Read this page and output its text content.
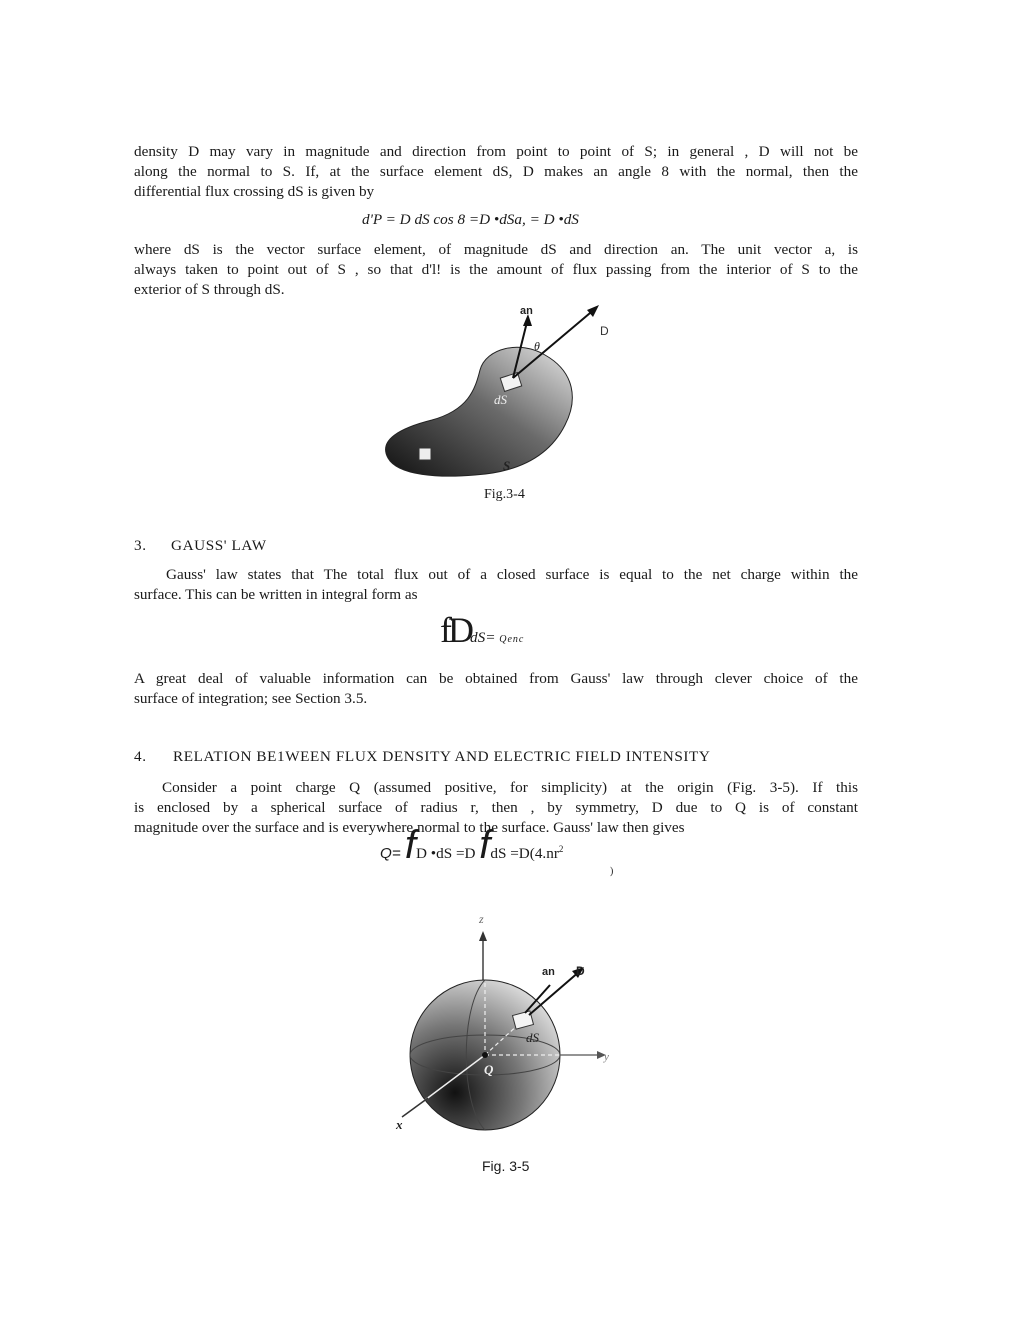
density D may vary in magnitude and direction from point to point of S; in general , D will not be
along the normal to S. If, at the surface element dS, D makes an angle 8 with the normal, then the
differential flux crossing dS is given by
d'P = D dS cos 8 =D •dSa, = D •dS
where dS is the vector surface element, of magnitude dS and direction an. The unit vector a, is
always taken to point out of S , so that d'l! is the amount of flux passing from the interior of S to the
exterior of S through dS.
an
θ
D
dS
S
Fig.3-4
3. GAUSS' LAW
Gauss' law states that The total flux out of a closed surface is equal to the net charge within the
surface. This can be written in integral form as
fDdS= Qenc
A great deal of valuable information can be obtained from Gauss' law through clever choice of the
surface of integration; see Section 3.5.
4. RELATION BE1WEEN FLUX DENSITY AND ELECTRIC FIELD INTENSITY
Consider a point charge Q (assumed positive, for simplicity) at the origin (Fig. 3-5). If this
is enclosed by a spherical surface of radius r, then , by symmetry, D due to Q is of constant
magnitude over the surface and is everywhere normal to the surface. Gauss' law then gives
Q= fD •dS =D fdS $=D(4.nr^2$
)
z
y
x
an D
dS
Q
Fig. 3-5
